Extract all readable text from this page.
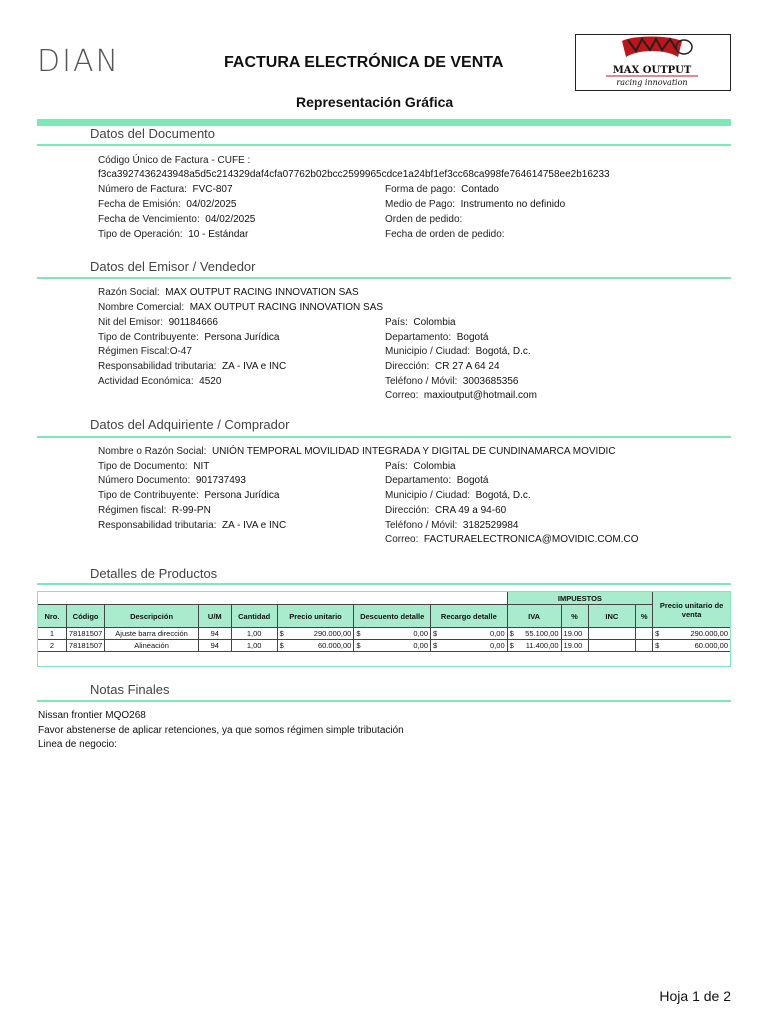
DIAN	FACTURA ELECTRÓNICA DE VENTA
Representación Gráfica
MAX OUTPUT
racing innovation
Datos del Documento
Código Único de Factura - CUFE :
f3ca3927436243948a5d5c214329daf4cfa07762b02bcc2599965cdce1a24bf1ef3cc68ca998fe764614758ee2b16233
Número de Factura: FVC-807
Fecha de Emisión: 04/02/2025
Fecha de Vencimiento: 04/02/2025
Tipo de Operación: 10 - Estándar
Forma de pago: Contado
Medio de Pago: Instrumento no definido
Orden de pedido:
Fecha de orden de pedido:
Datos del Emisor / Vendedor
Razón Social: MAX OUTPUT RACING INNOVATION SAS
Nombre Comercial: MAX OUTPUT RACING INNOVATION SAS
Nit del Emisor: 901184666
Tipo de Contribuyente: Persona Jurídica
Régimen Fiscal:O-47
Responsabilidad tributaria: ZA - IVA e INC
Actividad Económica: 4520
País: Colombia
Departamento: Bogotá
Municipio / Ciudad: Bogotá, D.c.
Dirección: CR 27 A 64 24
Teléfono / Móvil: 3003685356
Correo: maxioutput@hotmail.com
Datos del Adquiriente / Comprador
Nombre o Razón Social: UNIÓN TEMPORAL MOVILIDAD INTEGRADA Y DIGITAL DE CUNDINAMARCA MOVIDIC
Tipo de Documento: NIT
Número Documento: 901737493
Tipo de Contribuyente: Persona Jurídica
Régimen fiscal: R-99-PN
Responsabilidad tributaria: ZA - IVA e INC
País: Colombia
Departamento: Bogotá
Municipio / Ciudad: Bogotá, D.c.
Dirección: CRA 49 a 94-60
Teléfono / Móvil: 3182529984
Correo: FACTURAELECTRONICA@MOVIDIC.COM.CO
Detalles de Productos
								IMPUESTOS				Precio unitario de venta
Nro.	Código	Descripción	U/M	Cantidad	Precio unitario	Descuento detalle	Recargo detalle	IVA	%	INC	%	
1	78181507	Ajuste barra dirección	94	1,00	$ 290.000,00	$ 0,00	$ 0,00	$ 55.100,00	19.00			$ 290.000,00

2	78181507	Alineación	94	1,00	$ 60.000,00	$ 0,00	$ 0,00	$ 11.400,00	19.00			$ 60.000,00

Notas Finales
Nissan frontier MQO268
Favor abstenerse de aplicar retenciones, ya que somos régimen simple tributación
Linea de negocio:
Hoja 1 de 2
